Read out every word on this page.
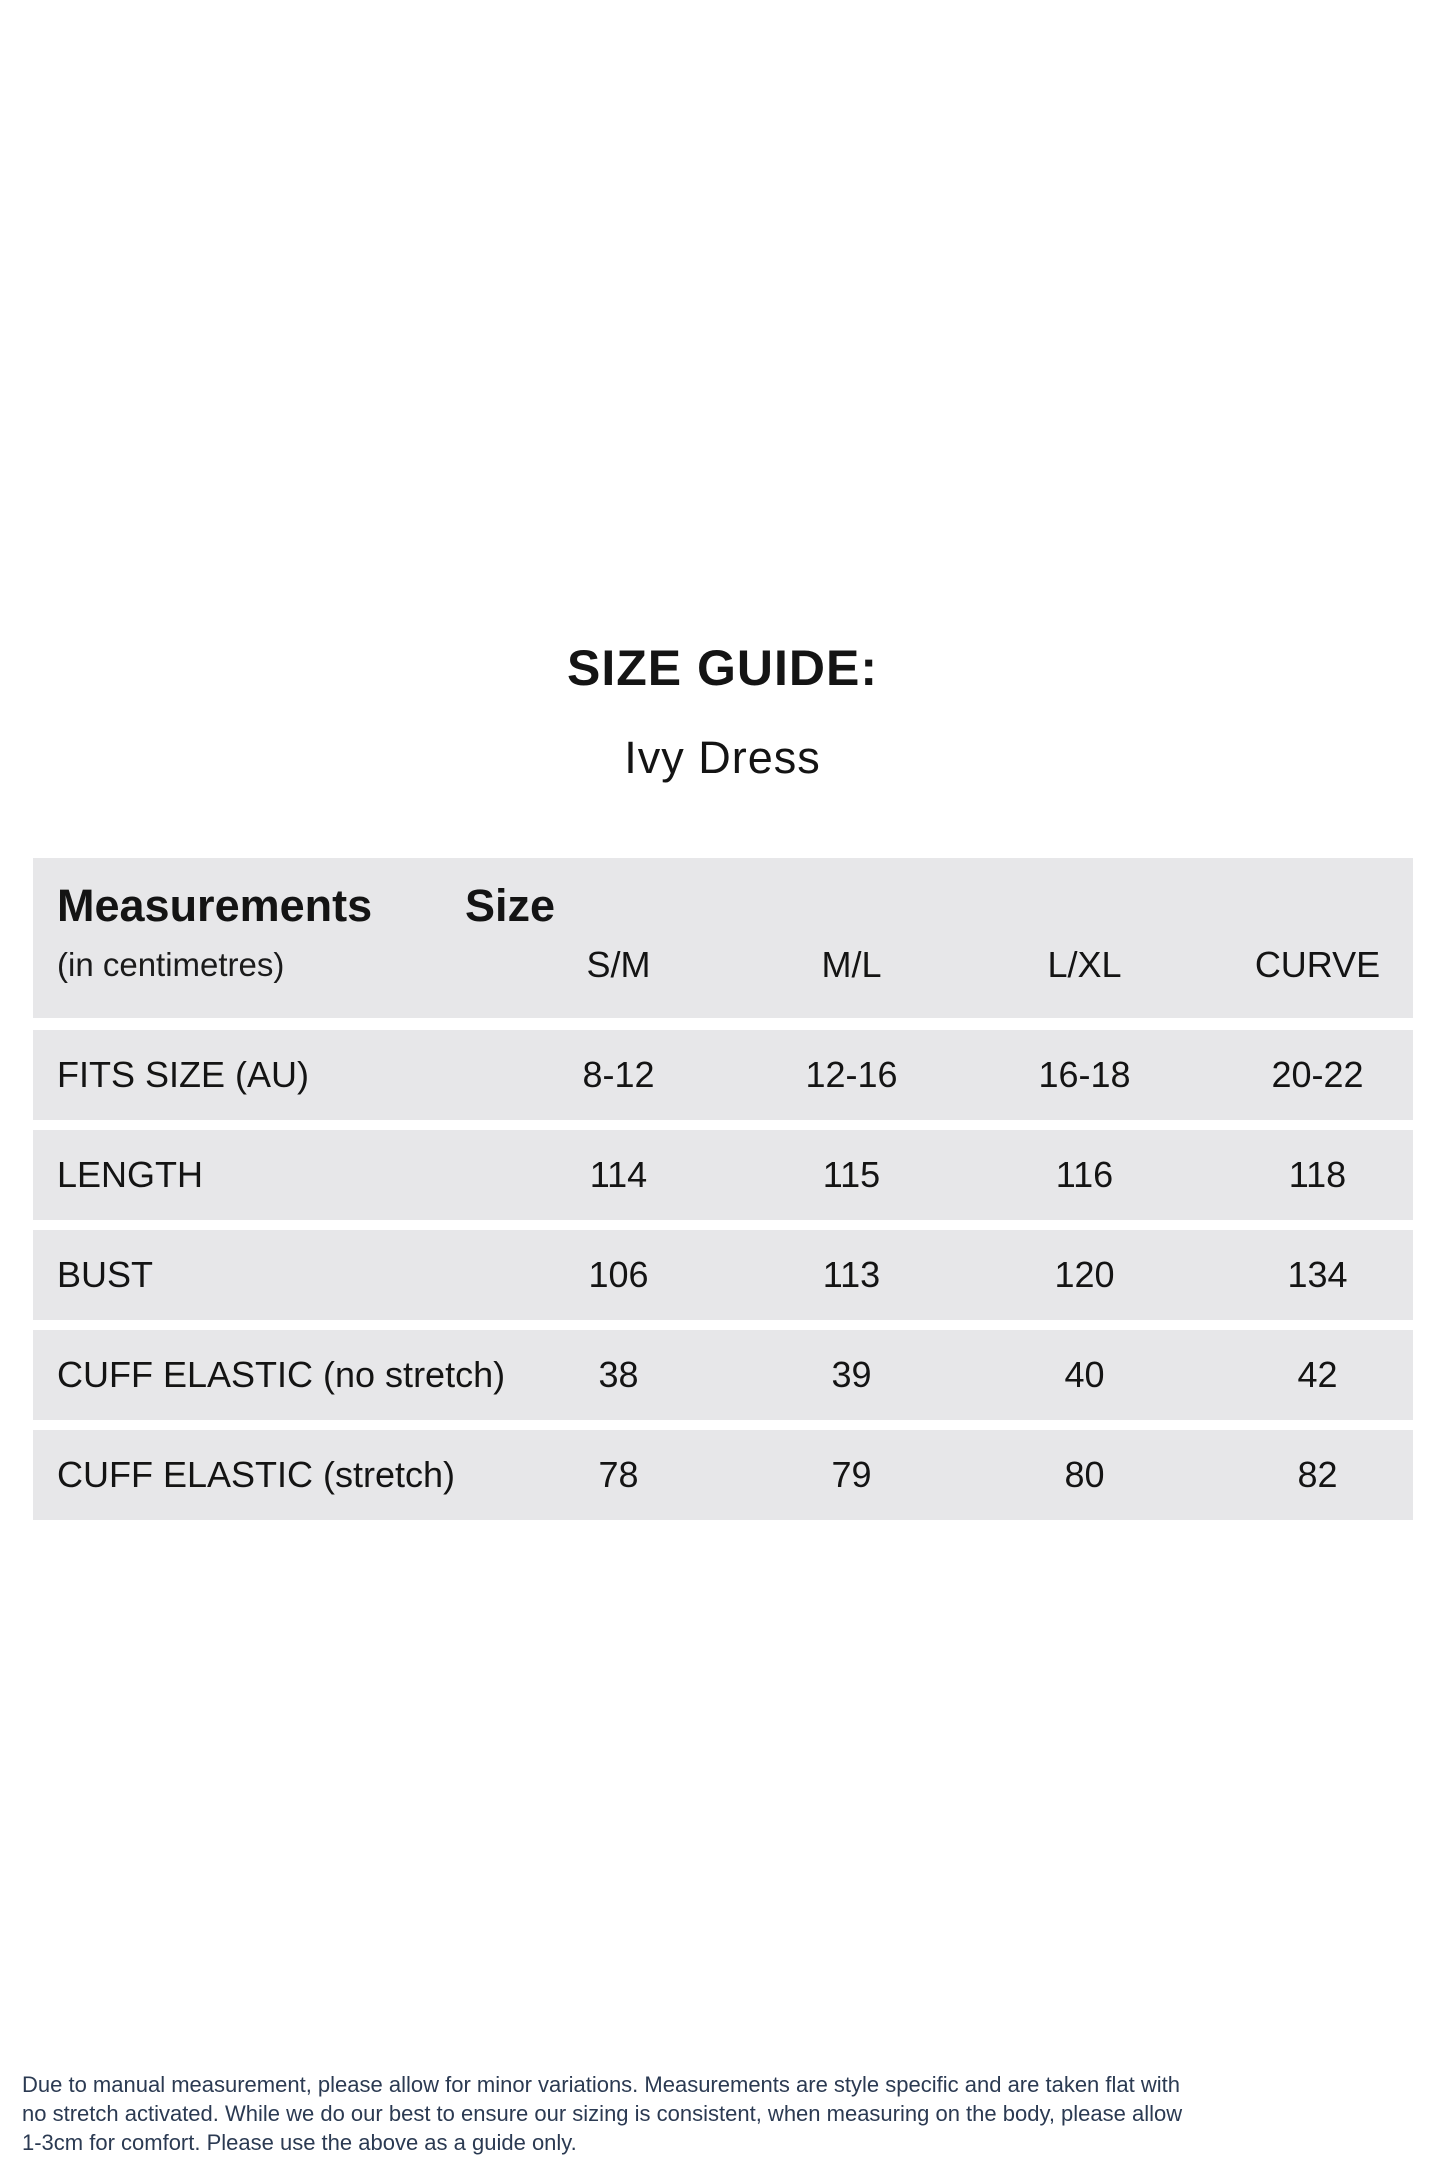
SIZE GUIDE:
Ivy Dress
Measurements	Size
(in centimetres)	S/M	M/L	L/XL	CURVE
FITS SIZE (AU)	8-12	12-16	16-18	20-22
LENGTH	114	115	116	118
BUST	106	113	120	134
CUFF ELASTIC (no stretch)	38	39	40	42
CUFF ELASTIC (stretch)	78	79	80	82
Due to manual measurement, please allow for minor variations. Measurements are style specific and are taken flat with
no stretch activated. While we do our best to ensure our sizing is consistent, when measuring on the body, please allow
1-3cm for comfort. Please use the above as a guide only.
